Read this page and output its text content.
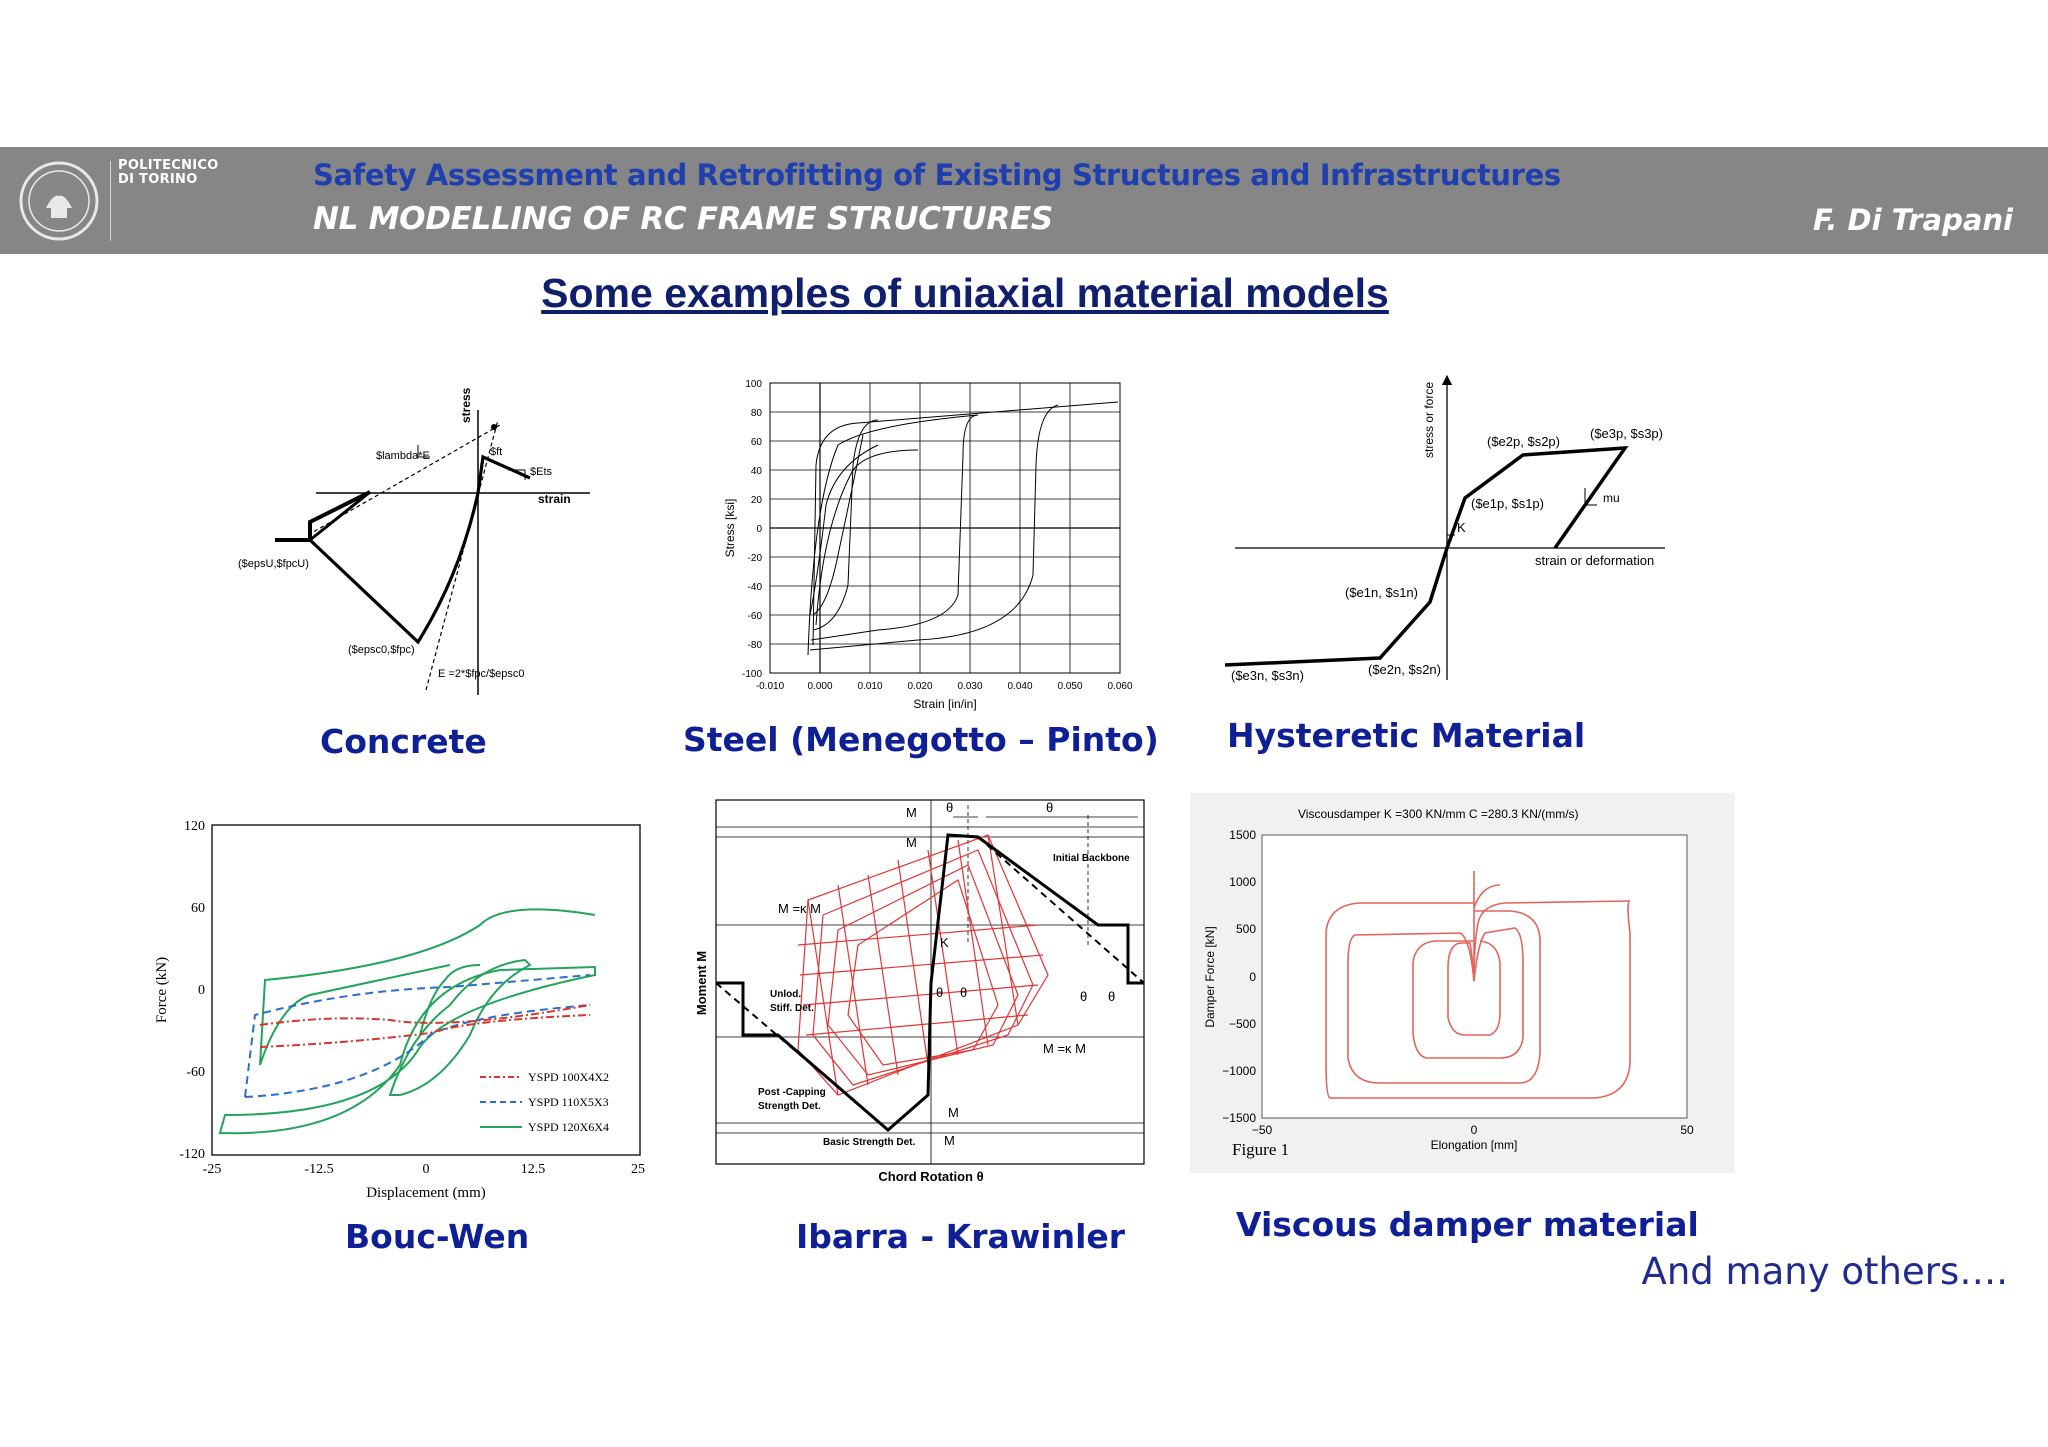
POLITECNICO
DI TORINO	Safety Assessment and Retrofitting of Existing Structures and Infrastructures
NL MODELLING OF RC FRAME STRUCTURES	F. Di Trapani
Some examples of uniaxial material models
$lambda*E	$ft
$Ets
($epsU,$fpcU)
($epsc0,$fpc)
E =2*$fpc/$epsc0
stress
strain
Concrete
100
80
60
40
20
0
-20
-40
-60
-80
-100
-0.010 0.000 0.010 0.020 0.030 0.040 0.050 0.060
Strain [in/in]
Stress [ksi]
Steel (Menegotto – Pinto)
stress or force
strain or deformation
($e2p, $s2p)
($e3p, $s3p)
($e1p, $s1p)
K
mu
($e1n, $s1n)
($e3n, $s3n)	($e2n, $s2n)
Hysteretic Material
YSPD 100X4X2
YSPD 110X5X3
YSPD 120X6X4
120
60
0
-60
-120
-25	-12.5	0	12.5	25
Displacement (mm)
Force (kN)
Bouc-Wen
M θ	θ
M
Initial Backbone
M =κ M
K
Unlod.
Stiff. Det.
θ θ	θ θ
M =κ M
Post -Capping
Strength Det.	M
Basic Strength Det. M
Chord Rotation θ
Moment M
Ibarra - Krawinler
Viscousdamper K =300 KN/mm C =280.3 KN/(mm/s)
1500
1000
500
0
−500
−1000
−1500
−50	0	50
Elongation [mm]
Damper Force [kN]
Figure 1
Viscous damper material
And many others….
